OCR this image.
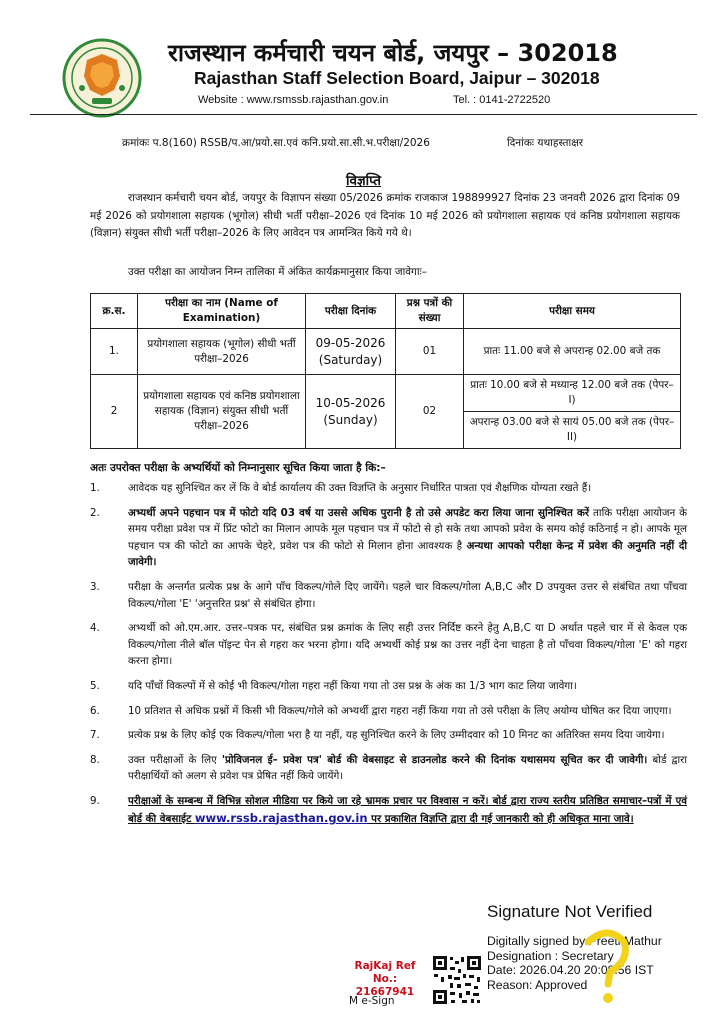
राजस्थान कर्मचारी चयन बोर्ड, जयपुर – 302018
Rajasthan Staff Selection Board, Jaipur – 302018
Website : www.rsmssb.rajasthan.gov.in	Tel. : 0141-2722520
क्रमांकः प.8(160) RSSB/प.आ/प्रयो.सा.एवं कनि.प्रयो.सा.सी.भ.परीक्षा/2026	दिनांकः यथाहस्ताक्षर
विज्ञप्ति
राजस्थान कर्मचारी चयन बोर्ड, जयपुर के विज्ञापन संख्या 05/2026 क्रमांक राजकाज 198899927 दिनांक 23 जनवरी 2026 द्वारा दिनांक 09 मई 2026 को प्रयोगशाला सहायक (भूगोल) सीधी भर्ती परीक्षा–2026 एवं दिनांक 10 मई 2026 को प्रयोगशाला सहायक एवं कनिष्ठ प्रयोगशाला सहायक (विज्ञान) संयुक्त सीधी भर्ती परीक्षा–2026 के लिए आवेदन पत्र आमन्त्रित किये गये थे।
उक्त परीक्षा का आयोजन निम्न तालिका में अंकित कार्यक्रमानुसार किया जावेगाः–
क्र.स.	परीक्षा का नाम (Name of Examination)	परीक्षा दिनांक	प्रश्न पत्रों की संख्या	परीक्षा समय
1.	प्रयोगशाला सहायक (भूगोल) सीधी भर्ती परीक्षा–2026	09-05-2026
(Saturday)	01	प्रातः 11.00 बजे से अपरान्ह 02.00 बजे तक
2	प्रयोगशाला सहायक एवं कनिष्ठ प्रयोगशाला सहायक (विज्ञान) संयुक्त सीधी भर्ती परीक्षा–2026	10-05-2026
(Sunday)	02	प्रातः 10.00 बजे से मध्यान्ह 12.00 बजे तक (पेपर–I)
				अपरान्ह 03.00 बजे से सायं 05.00 बजे तक (पेपर–II)
अतः उपरोक्त परीक्षा के अभ्यर्थियों को निम्नानुसार सूचित किया जाता है कि:–
1.	आवेदक यह सुनिश्चित कर लें कि वे बोर्ड कार्यालय की उक्त विज्ञप्ति के अनुसार निर्धारित पात्रता एवं शैक्षणिक योग्यता रखते हैं।
2.	अभ्यर्थी अपने पहचान पत्र में फोटो यदि 03 वर्ष या उससे अधिक पुरानी है तो उसे अपडेट करा लिया जाना सुनिश्चित करें ताकि परीक्षा आयोजन के समय परीक्षा प्रवेश पत्र में प्रिंट फोटो का मिलान आपके मूल पहचान पत्र में फोटो से हो सके तथा आपको प्रवेश के समय कोई कठिनाई न हो। आपके मूल पहचान पत्र की फोटो का आपके चेहरे, प्रवेश पत्र की फोटो से मिलान होना आवश्यक है अन्यथा आपको परीक्षा केन्द्र में प्रवेश की अनुमति नहीं दी जावेगी।
3.	परीक्षा के अन्तर्गत प्रत्येक प्रश्न के आगे पाँच विकल्प/गोले दिए जायेंगे। पहले चार विकल्प/गोला A,B,C और D उपयुक्त उत्तर से संबंधित तथा पाँचवा विकल्प/गोला 'E' 'अनुत्तरित प्रश्न' से संबंधित होगा।
4.	अभ्यर्थी को ओ.एम.आर. उत्तर–पत्रक पर, संबंधित प्रश्न क्रमांक के लिए सही उत्तर निर्दिष्ट करने हेतु A,B,C या D अर्थात पहले चार में से केवल एक विकल्प/गोला नीले बॉल पॉइन्ट पेन से गहरा कर भरना होगा। यदि अभ्यर्थी कोई प्रश्न का उत्तर नहीं देना चाहता है तो पाँचवा विकल्प/गोला 'E' को गहरा करना होगा।
5.	यदि पाँचों विकल्पों में से कोई भी विकल्प/गोला गहरा नहीं किया गया तो उस प्रश्न के अंक का 1/3 भाग काट लिया जावेगा।
6.	10 प्रतिशत से अधिक प्रश्नों में किसी भी विकल्प/गोले को अभ्यर्थी द्वारा गहरा नहीं किया गया तो उसे परीक्षा के लिए अयोग्य घोषित कर दिया जाएगा।
7.	प्रत्येक प्रश्न के लिए कोई एक विकल्प/गोला भरा है या नहीं, यह सुनिश्चित करने के लिए उम्मीदवार को 10 मिनट का अतिरिक्त समय दिया जायेगा।
8.	उक्त परीक्षाओं के लिए 'प्रोविजनल ई– प्रवेश पत्र' बोर्ड की वेबसाइट से डाउनलोड करने की दिनांक यथासमय सूचित कर दी जावेगी। बोर्ड द्वारा परीक्षार्थियों को अलग से प्रवेश पत्र प्रेषित नहीं किये जायेंगे।
9.	परीक्षाओं के सम्बन्ध में विभिन्न सोशल मीडिया पर किये जा रहे भ्रामक प्रचार पर विश्वास न करें। बोर्ड द्वारा राज्य स्तरीय प्रतिष्ठित समाचार–पत्रों में एवं बोर्ड की वेबसाईट www.rssb.rajasthan.gov.in पर प्रकाशित विज्ञप्ति द्वारा दी गई जानकारी को ही अधिकृत माना जावे।
Signature Not Verified
Digitally signed by Preeti Mathur
Designation : Secretary
Date: 2026.04.20 20:08:56 IST
Reason: Approved
RajKaj Ref No.:
21667941
M e-Sign
